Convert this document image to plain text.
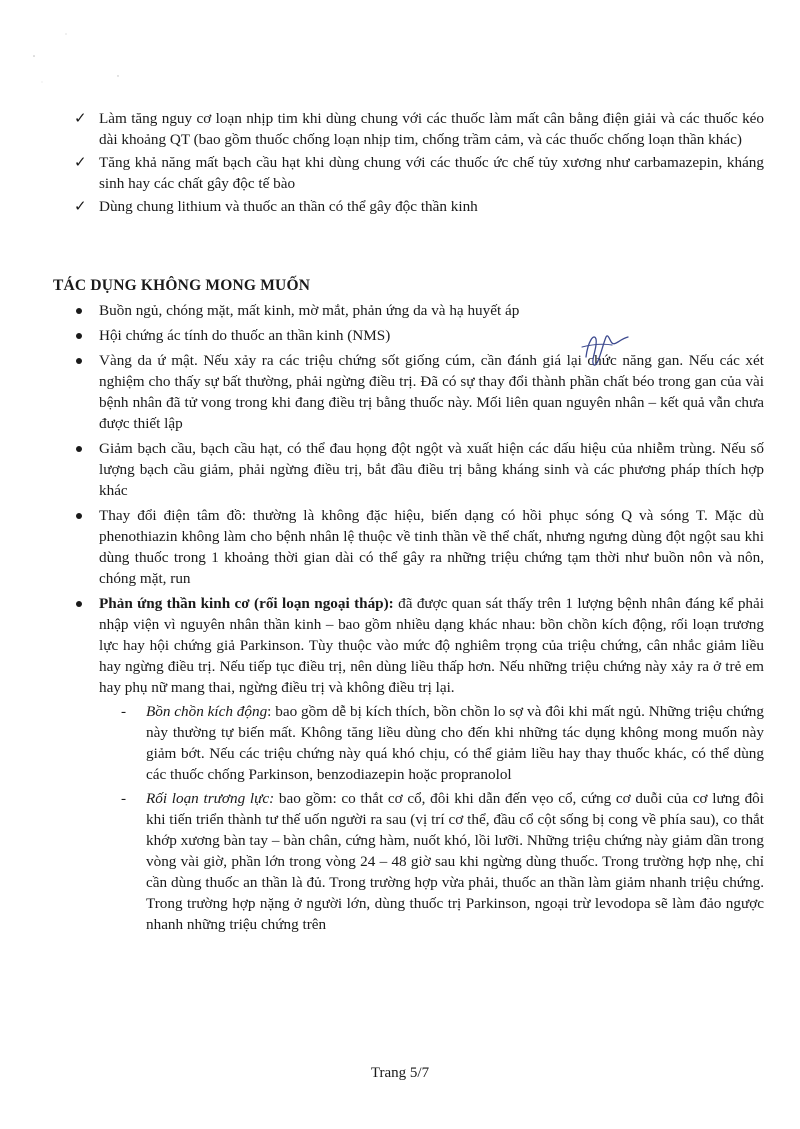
✓ Làm tăng nguy cơ loạn nhịp tim khi dùng chung với các thuốc làm mất cân bằng điện giải và các thuốc kéo dài khoảng QT (bao gồm thuốc chống loạn nhịp tim, chống trầm cảm, và các thuốc chống loạn thần khác)
✓ Tăng khả năng mất bạch cầu hạt khi dùng chung với các thuốc ức chế tủy xương như carbamazepin, kháng sinh hay các chất gây độc tế bào
✓ Dùng chung lithium và thuốc an thần có thể gây độc thần kinh
TÁC DỤNG KHÔNG MONG MUỐN
Buồn ngủ, chóng mặt, mất kinh, mờ mắt, phản ứng da và hạ huyết áp
Hội chứng ác tính do thuốc an thần kinh (NMS)
Vàng da ứ mật. Nếu xảy ra các triệu chứng sốt giống cúm, cần đánh giá lại chức năng gan. Nếu các xét nghiệm cho thấy sự bất thường, phải ngừng điều trị. Đã có sự thay đổi thành phần chất béo trong gan của vài bệnh nhân đã tử vong trong khi đang điều trị bằng thuốc này. Mối liên quan nguyên nhân – kết quả vẫn chưa được thiết lập
Giảm bạch cầu, bạch cầu hạt, có thể đau họng đột ngột và xuất hiện các dấu hiệu của nhiễm trùng. Nếu số lượng bạch cầu giảm, phải ngừng điều trị, bắt đầu điều trị bằng kháng sinh và các phương pháp thích hợp khác
Thay đổi điện tâm đồ: thường là không đặc hiệu, biến dạng có hồi phục sóng Q và sóng T. Mặc dù phenothiazin không làm cho bệnh nhân lệ thuộc về tinh thần về thể chất, nhưng ngưng dùng đột ngột sau khi dùng thuốc trong 1 khoảng thời gian dài có thể gây ra những triệu chứng tạm thời như buồn nôn và nôn, chóng mặt, run
Phản ứng thần kinh cơ (rối loạn ngoại tháp): đã được quan sát thấy trên 1 lượng bệnh nhân đáng kể phải nhập viện vì nguyên nhân thần kinh – bao gồm nhiều dạng khác nhau: bồn chồn kích động, rối loạn trương lực hay hội chứng giả Parkinson. Tùy thuộc vào mức độ nghiêm trọng của triệu chứng, cân nhắc giảm liều hay ngừng điều trị. Nếu tiếp tục điều trị, nên dùng liều thấp hơn. Nếu những triệu chứng này xảy ra ở trẻ em hay phụ nữ mang thai, ngừng điều trị và không điều trị lại.
- Bồn chồn kích động: bao gồm dễ bị kích thích, bồn chồn lo sợ và đôi khi mất ngủ. Những triệu chứng này thường tự biến mất. Không tăng liều dùng cho đến khi những tác dụng không mong muốn này giảm bớt. Nếu các triệu chứng này quá khó chịu, có thể giảm liều hay thay thuốc khác, có thể dùng các thuốc chống Parkinson, benzodiazepin hoặc propranolol
- Rối loạn trương lực: bao gồm: co thắt cơ cổ, đôi khi dẫn đến vẹo cổ, cứng cơ duỗi của cơ lưng đôi khi tiến triển thành tư thế uốn người ra sau (vị trí cơ thể, đầu cổ cột sống bị cong về phía sau), co thắt khớp xương bàn tay – bàn chân, cứng hàm, nuốt khó, lồi lưỡi. Những triệu chứng này giảm dần trong vòng vài giờ, phần lớn trong vòng 24 – 48 giờ sau khi ngừng dùng thuốc. Trong trường hợp nhẹ, chỉ cần dùng thuốc an thần là đủ. Trong trường hợp vừa phải, thuốc an thần làm giảm nhanh triệu chứng. Trong trường hợp nặng ở người lớn, dùng thuốc trị Parkinson, ngoại trừ levodopa sẽ làm đảo ngược nhanh những triệu chứng trên
Trang 5/7
